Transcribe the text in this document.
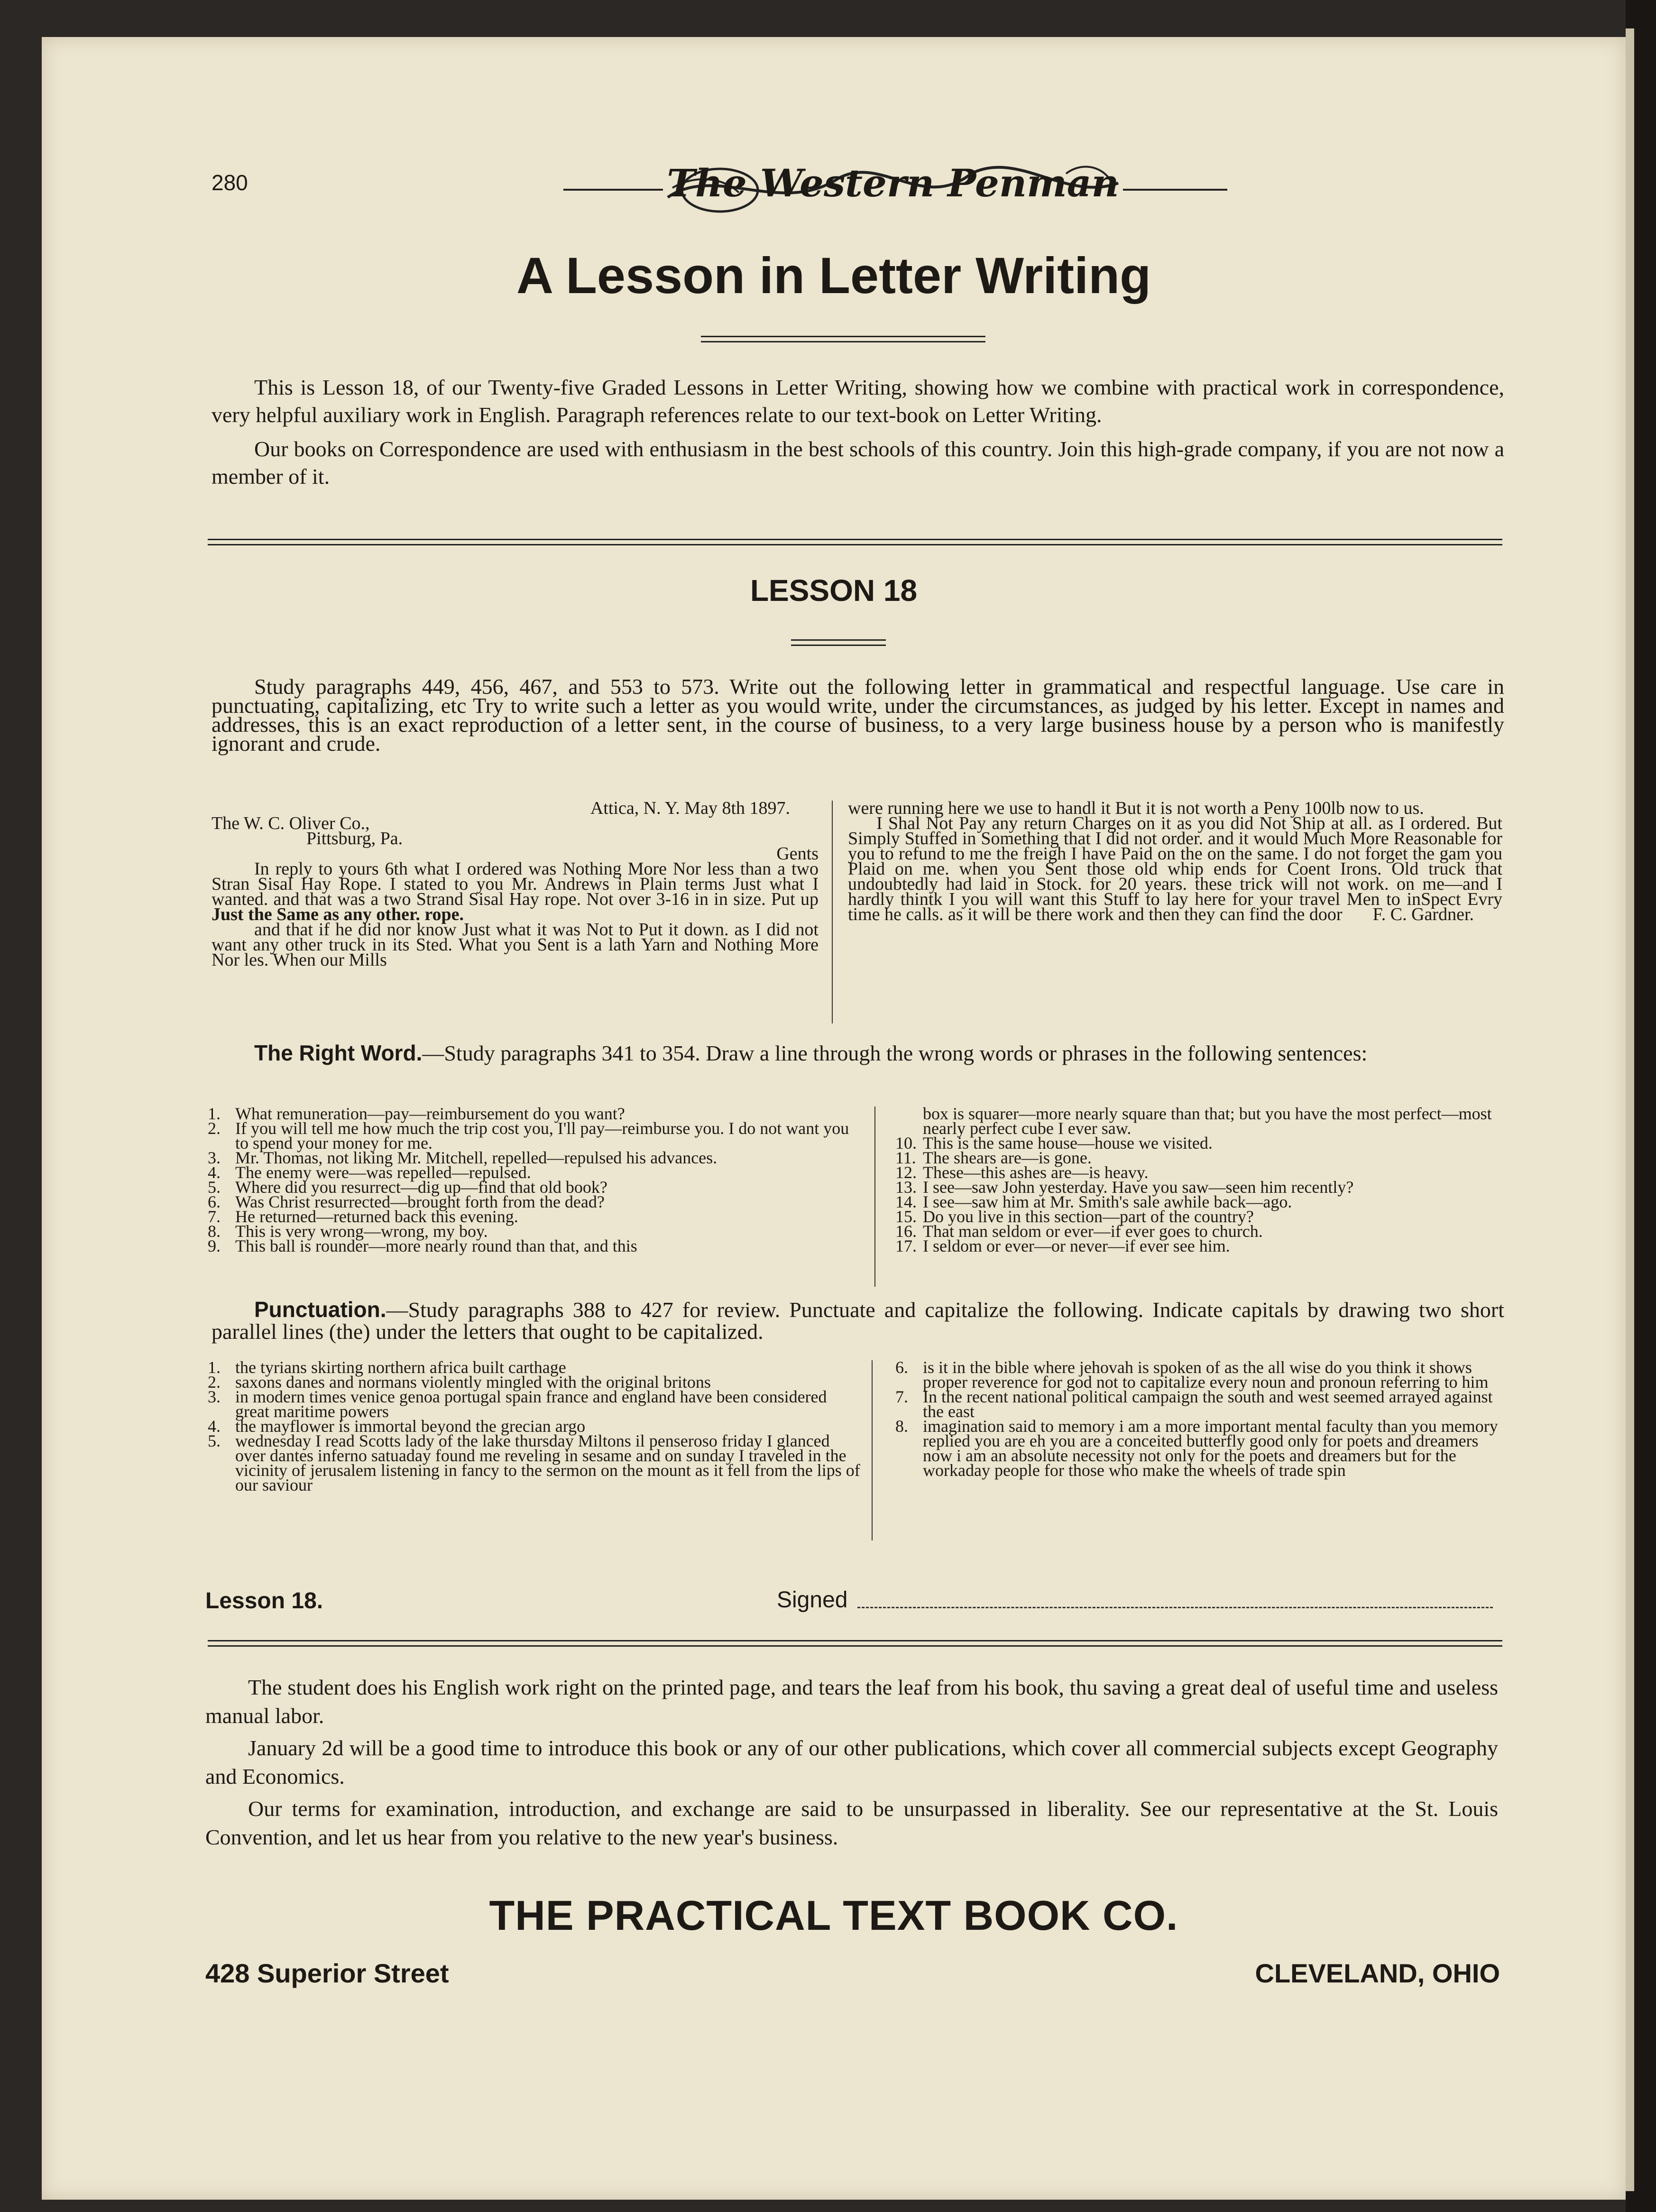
280	The Western Penman
A Lesson in Letter Writing

This is Lesson 18, of our Twenty-five Graded Lessons in Letter Writing, showing how we combine with practical work in correspondence, very helpful auxiliary work in English. Paragraph references relate to our text-book on Letter Writing.

Our books on Correspondence are used with enthusiasm in the best schools of this country. Join this high-grade company, if you are not now a member of it.

LESSON 18

Study paragraphs 449, 456, 467, and 553 to 573. Write out the following letter in grammatical and respectful language. Use care in punctuating, capitalizing, etc Try to write such a letter as you would write, under the circumstances, as judged by his letter. Except in names and addresses, this is an exact reproduction of a letter sent, in the course of business, to a very large business house by a person who is manifestly ignorant and crude.

Attica, N. Y. May 8th 1897.

The W. C. Oliver Co.,

Pittsburg, Pa.

Gents

In reply to yours 6th what I ordered was Nothing More Nor less than a two Stran Sisal Hay Rope. I stated to you Mr. Andrews in Plain terms Just what I wanted. and that was a two Strand Sisal Hay rope. Not over 3-16 in in size. Put up Just the Same as any other. rope.

and that if he did nor know Just what it was Not to Put it down. as I did not want any other truck in its Sted. What you Sent is a lath Yarn and Nothing More Nor les. When our Mills

were running here we use to handl it But it is not worth a Peny 100lb now to us.

I Shal Not Pay any return Charges on it as you did Not Ship at all. as I ordered. But Simply Stuffed in Something that I did not order. and it would Much More Reasonable for you to refund to me the freigh I have Paid on the on the same. I do not forget the gam you Plaid on me. when you Sent those old whip ends for Coent Irons. Old truck that undoubtedly had laid in Stock. for 20 years. these trick will not work. on me—and I hardly thintk I you will want this Stuff to lay here for your travel Men to inSpect Evry time he calls. as it will be there work and then they can find the door	F. C. Gardner.

The Right Word.—Study paragraphs 341 to 354. Draw a line through the wrong words or phrases in the following sentences:

1. What remuneration—pay—reimbursement do you want?
2. If you will tell me how much the trip cost you, I'll pay—reimburse you. I do not want you to spend your money for me.
3. Mr. Thomas, not liking Mr. Mitchell, repelled—repulsed his advances.
4. The enemy were—was repelled—repulsed.
5. Where did you resurrect—dig up—find that old book?
6. Was Christ resurrected—brought forth from the dead?
7. He returned—returned back this evening.
8. This is very wrong—wrong, my boy.
9. This ball is rounder—more nearly round than that, and this
box is squarer—more nearly square than that; but you have the most perfect—most nearly perfect cube I ever saw.
10. This is the same house—house we visited.
11. The shears are—is gone.
12. These—this ashes are—is heavy.
13. I see—saw John yesterday. Have you saw—seen him recently?
14. I see—saw him at Mr. Smith's sale awhile back—ago.
15. Do you live in this section—part of the country?
16. That man seldom or ever—if ever goes to church.
17. I seldom or ever—or never—if ever see him.

Punctuation.—Study paragraphs 388 to 427 for review. Punctuate and capitalize the following. Indicate capitals by drawing two short parallel lines (the) under the letters that ought to be capitalized.

1. the tyrians skirting northern africa built carthage
2. saxons danes and normans violently mingled with the original britons
3. in modern times venice genoa portugal spain france and england have been considered great maritime powers
4. the mayflower is immortal beyond the grecian argo
5. wednesday I read Scotts lady of the lake thursday Miltons il penseroso friday I glanced over dantes inferno satuaday found me reveling in sesame and on sunday I traveled in the vicinity of jerusalem listening in fancy to the sermon on the mount as it fell from the lips of our saviour
6. is it in the bible where jehovah is spoken of as the all wise do you think it shows proper reverence for god not to capitalize every noun and pronoun referring to him
7. In the recent national political campaign the south and west seemed arrayed against the east
8. imagination said to memory i am a more important mental faculty than you memory replied you are eh you are a conceited butterfly good only for poets and dreamers now i am an absolute necessity not only for the poets and dreamers but for the workaday people for those who make the wheels of trade spin
Lesson 18.	Signed

The student does his English work right on the printed page, and tears the leaf from his book, thu saving a great deal of useful time and useless manual labor.

January 2d will be a good time to introduce this book or any of our other publications, which cover all commercial subjects except Geography and Economics.

Our terms for examination, introduction, and exchange are said to be unsurpassed in liberality. See our representative at the St. Louis Convention, and let us hear from you relative to the new year's business.

THE PRACTICAL TEXT BOOK CO.
428 Superior Street	CLEVELAND, OHIO
